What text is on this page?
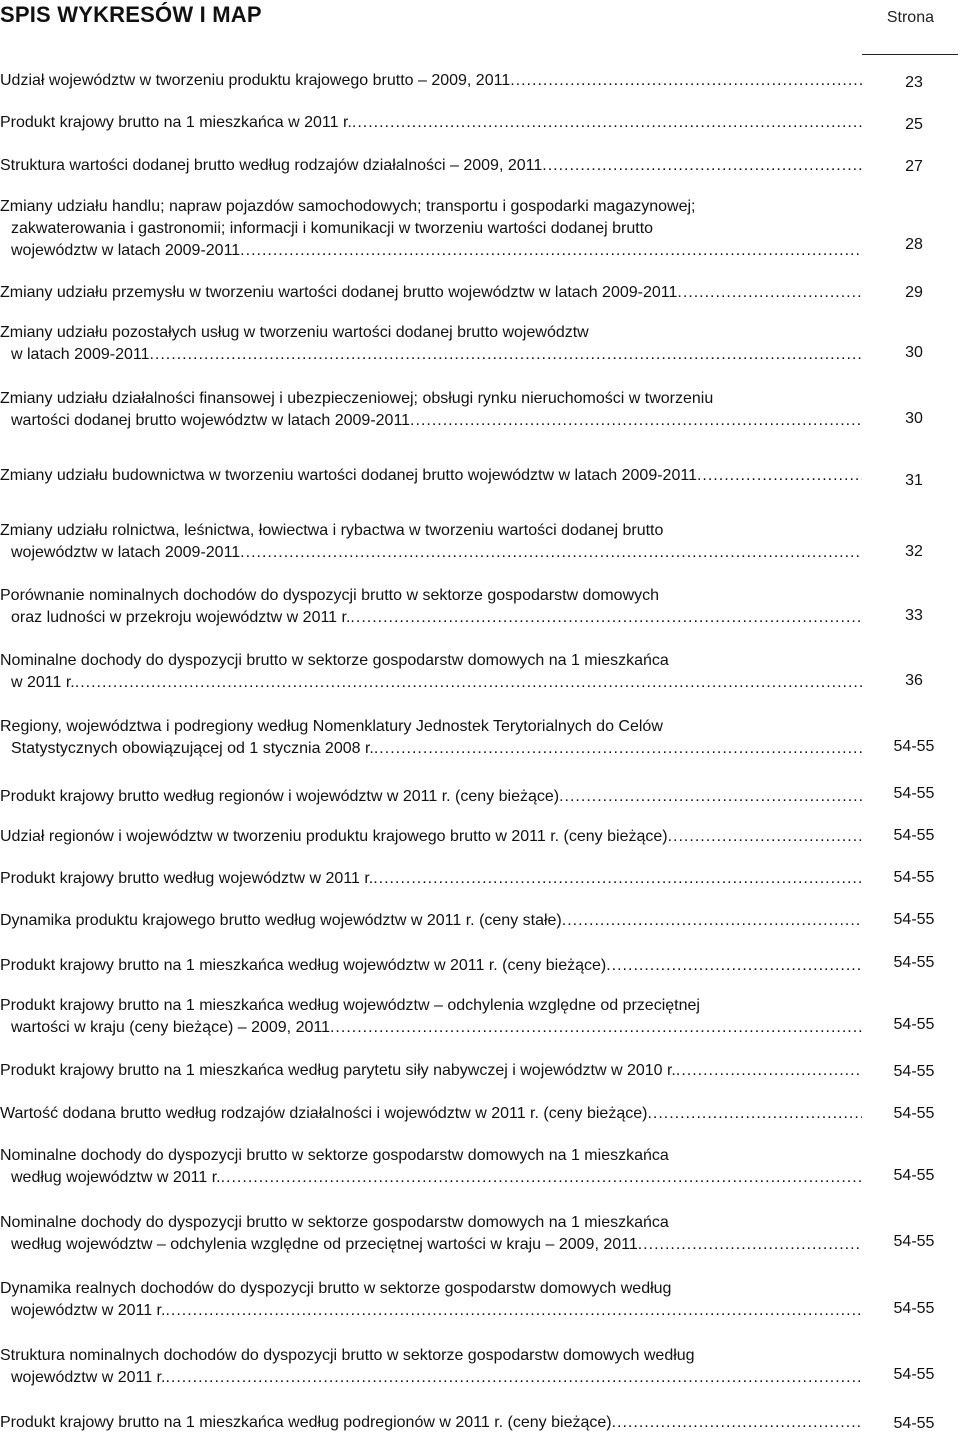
SPIS WYKRESÓW I MAP	Strona
Udział województw w tworzeniu produktu krajowego brutto – 2009, 2011 .....	23
Produkt krajowy brutto na 1 mieszkańca w 2011 r. .....	25
Struktura wartości dodanej brutto według rodzajów działalności – 2009, 2011 .....	27
Zmiany udziału handlu; napraw pojazdów samochodowych; transportu i gospodarki magazynowej;
zakwaterowania i gastronomii; informacji i komunikacji w tworzeniu wartości dodanej brutto
województw w latach 2009-2011 .....	28
Zmiany udziału przemysłu w tworzeniu wartości dodanej brutto województw w latach 2009-2011 .....	29
Zmiany udziału pozostałych usług w tworzeniu wartości dodanej brutto województw
w latach 2009-2011 .....	30
Zmiany udziału działalności finansowej i ubezpieczeniowej; obsługi rynku nieruchomości w tworzeniu
wartości dodanej brutto województw w latach 2009-2011 .....	30
Zmiany udziału budownictwa w tworzeniu wartości dodanej brutto województw w latach 2009-2011 .....	31
Zmiany udziału rolnictwa, leśnictwa, łowiectwa i rybactwa w tworzeniu wartości dodanej brutto
województw w latach 2009-2011 .....	32
Porównanie nominalnych dochodów do dyspozycji brutto w sektorze gospodarstw domowych
oraz ludności w przekroju województw w 2011 r. .....	33
Nominalne dochody do dyspozycji brutto w sektorze gospodarstw domowych na 1 mieszkańca
w 2011 r. .....	36
Regiony, województwa i podregiony według Nomenklatury Jednostek Terytorialnych do Celów
Statystycznych obowiązującej od 1 stycznia 2008 r. .....	54-55
Produkt krajowy brutto według regionów i województw w 2011 r. (ceny bieżące) .....	54-55
Udział regionów i województw w tworzeniu produktu krajowego brutto w 2011 r. (ceny bieżące) .....	54-55
Produkt krajowy brutto według województw w 2011 r. .....	54-55
Dynamika produktu krajowego brutto według województw w 2011 r. (ceny stałe) .....	54-55
Produkt krajowy brutto na 1 mieszkańca według województw w 2011 r. (ceny bieżące) .....	54-55
Produkt krajowy brutto na 1 mieszkańca według województw – odchylenia względne od przeciętnej
wartości w kraju (ceny bieżące) – 2009, 2011 .....	54-55
Produkt krajowy brutto na 1 mieszkańca według parytetu siły nabywczej i województw w 2010 r. .....	54-55
Wartość dodana brutto według rodzajów działalności i województw w 2011 r. (ceny bieżące) .....	54-55
Nominalne dochody do dyspozycji brutto w sektorze gospodarstw domowych na 1 mieszkańca
według województw w 2011 r. .....	54-55
Nominalne dochody do dyspozycji brutto w sektorze gospodarstw domowych na 1 mieszkańca
według województw – odchylenia względne od przeciętnej wartości w kraju – 2009, 2011 .....	54-55
Dynamika realnych dochodów do dyspozycji brutto w sektorze gospodarstw domowych według
województw w 2011 r. .....	54-55
Struktura nominalnych dochodów do dyspozycji brutto w sektorze gospodarstw domowych według
województw w 2011 r. .....	54-55
Produkt krajowy brutto na 1 mieszkańca według podregionów w 2011 r. (ceny bieżące) .....	54-55
